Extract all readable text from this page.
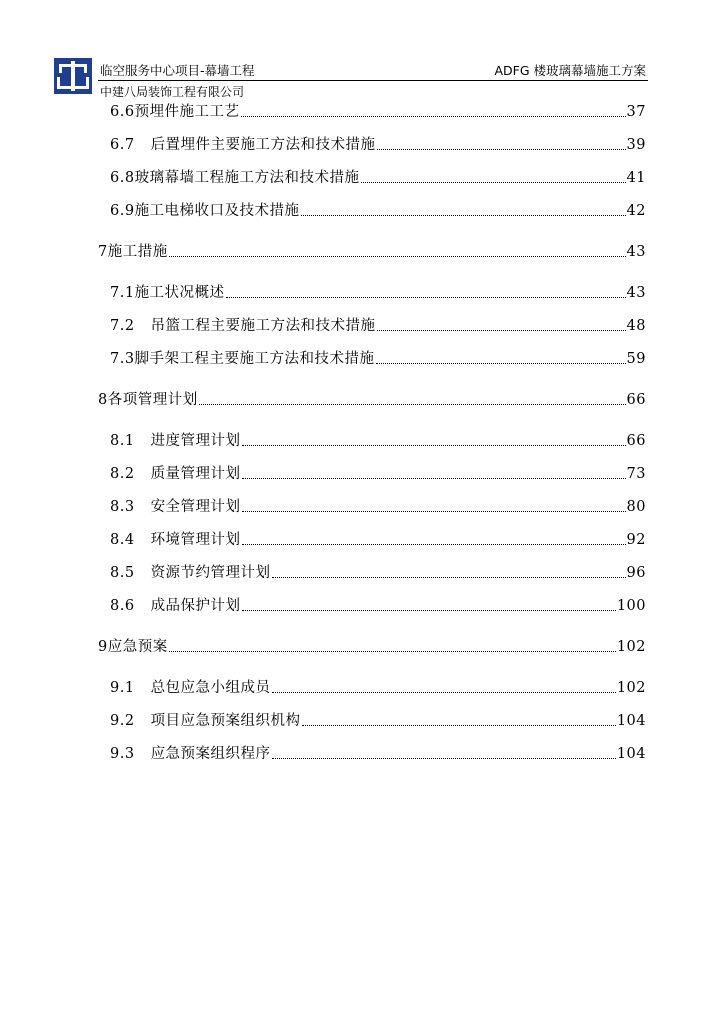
临空服务中心项目-幕墙工程	ADFG 楼玻璃幕墙施工方案
中建八局装饰工程有限公司
6.6 预埋件施工工艺	37
6.7 后置埋件主要施工方法和技术措施	39
6.8 玻璃幕墙工程施工方法和技术措施	41
6.9 施工电梯收口及技术措施	42
7 施工措施	43
7.1 施工状况概述	43
7.2 吊篮工程主要施工方法和技术措施	48
7.3 脚手架工程主要施工方法和技术措施	59
8 各项管理计划	66
8.1 进度管理计划	66
8.2 质量管理计划	73
8.3 安全管理计划	80
8.4 环境管理计划	92
8.5 资源节约管理计划	96
8.6 成品保护计划	100
9 应急预案	102
9.1 总包应急小组成员	102
9.2 项目应急预案组织机构	104
9.3 应急预案组织程序	104
